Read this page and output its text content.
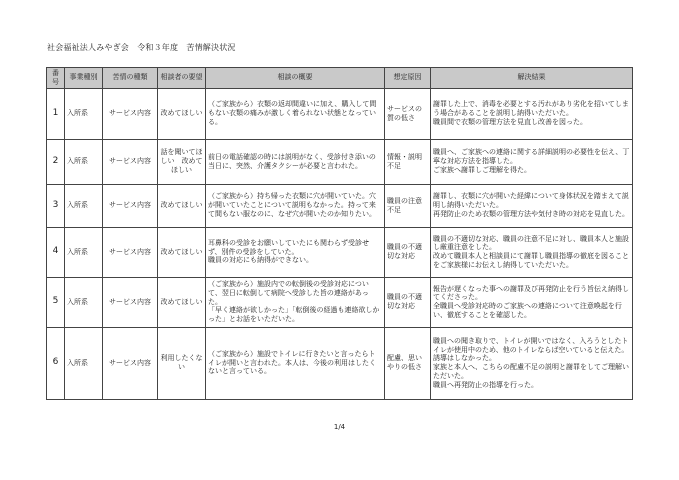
社会福祉法人みやぎ会　令和３年度　苦情解決状況
番号	事業種別	苦情の種類	相談者の要望	相談の概要	想定原因	解決結果
1	入所系	サービス内容	改めてほしい	（ご家族から）衣類の返却間違いに加え、購入して間もない衣類の痛みが激しく着られない状態となっている。	サービスの質の低さ	謝罪した上で、消毒を必要とする汚れがあり劣化を招いてしまう場合があることを説明し納得いただいた。
職員間で衣類の管理方法を見直し改善を図った。
2	入所系	サービス内容	話を聞いてほしい　改めてほしい	前日の電話確認の時には説明がなく、受診付き添いの当日に、突然、介護タクシーが必要と言われた。	情報・説明不足	職員へ、ご家族への連絡に関する詳細説明の必要性を伝え、丁寧な対応方法を指導した。
ご家族へ謝罪しご理解を得た。
3	入所系	サービス内容	改めてほしい	（ご家族から）持ち帰った衣類に穴が開いていた。穴が開いていたことについて説明もなかった。持って来て間もない服なのに、なぜ穴が開いたのか知りたい。	職員の注意不足	謝罪し、衣類に穴が開いた経緯について身体状況を踏まえて説明し納得いただいた。
再発防止のため衣類の管理方法や気付き時の対応を見直した。
4	入所系	サービス内容	改めてほしい	耳鼻科の受診をお願いしていたにも関わらず受診せず、別件の受診をしていた。
職員の対応にも納得ができない。	職員の不適切な対応	職員の不適切な対応、職員の注意不足に対し、職員本人と施設し厳重注意をした。
改めて職員本人と相談員にて謝罪し職員指導の徹底を図ることをご家族様にお伝えし納得していただいた。
5	入所系	サービス内容	改めてほしい	（ご家族から）施設内での転倒後の受診対応について、翌日に転倒して病院へ受診した旨の連絡があった。
「早く連絡が欲しかった」「転倒後の経過も連絡欲しかった」とお話をいただいた。	職員の不適切な対応	報告が遅くなった事への謝罪及び再発防止を行う旨伝え納得してくださった。
全職員へ受診対応時のご家族への連絡について注意喚起を行い、徹底することを確認した。
6	入所系	サービス内容	利用したくない	（ご家族から）施設でトイレに行きたいと言ったらトイレが開いと言われた。本人は、今後の利用はしたくないと言っている。	配慮、思いやりの低さ	職員への聞き取りで、トイレが開いではなく、入ろうとしたトイレが使用中のため、他のトイレならば空いていると伝えた。誘導はしなかった。
家族と本人へ、こちらの配慮不足の説明と謝罪をしてご理解いただいた。
職員へ再発防止の指導を行った。
1/4
